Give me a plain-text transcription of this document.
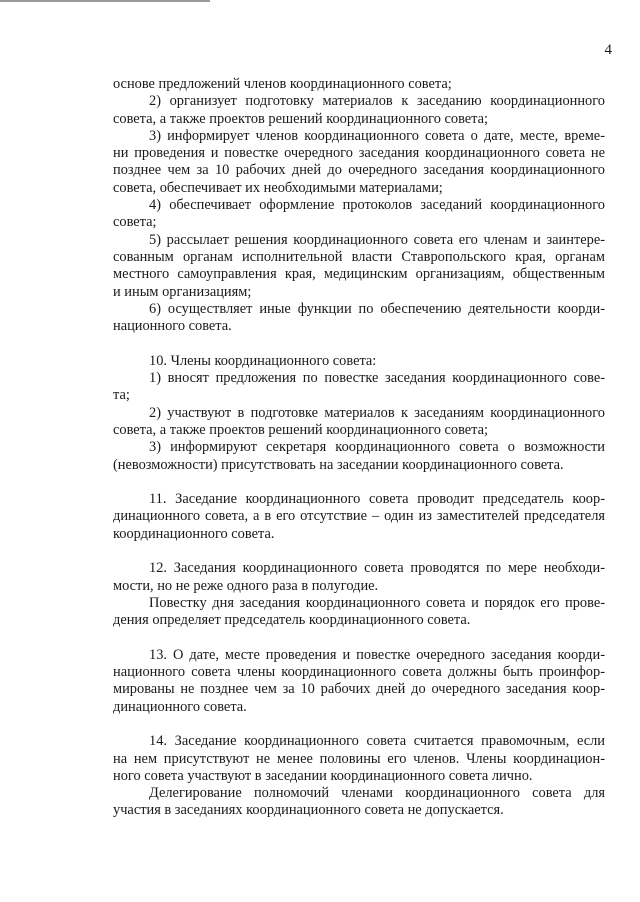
4
основе предложений членов координационного совета;
2) организует подготовку материалов к заседанию координационного
совета, а также проектов решений координационного совета;
3) информирует членов координационного совета о дате, месте, време-
ни проведения и повестке очередного заседания координационного совета не
позднее чем за 10 рабочих дней до очередного заседания координационного
совета, обеспечивает их необходимыми материалами;
4) обеспечивает оформление протоколов заседаний координационного
совета;
5) рассылает решения координационного совета его членам и заинтере-
сованным органам исполнительной власти Ставропольского края, органам
местного самоуправления края, медицинским организациям, общественным
и иным организациям;
6) осуществляет иные функции по обеспечению деятельности коорди-
национного совета.
10. Члены координационного совета:
1) вносят предложения по повестке заседания координационного сове-
та;
2) участвуют в подготовке материалов к заседаниям координационного
совета, а также проектов решений координационного совета;
3) информируют секретаря координационного совета о возможности
(невозможности) присутствовать на заседании координационного совета.
11. Заседание координационного совета проводит председатель коор-
динационного совета, а в его отсутствие – один из заместителей председателя
координационного совета.
12. Заседания координационного совета проводятся по мере необходи-
мости, но не реже одного раза в полугодие.
Повестку дня заседания координационного совета и порядок его прове-
дения определяет председатель координационного совета.
13. О дате, месте проведения и повестке очередного заседания коорди-
национного совета члены координационного совета должны быть проинфор-
мированы не позднее чем за 10 рабочих дней до очередного заседания коор-
динационного совета.
14. Заседание координационного совета считается правомочным, если
на нем присутствуют не менее половины его членов. Члены координацион-
ного совета участвуют в заседании координационного совета лично.
Делегирование полномочий членами координационного совета для
участия в заседаниях координационного совета не допускается.
